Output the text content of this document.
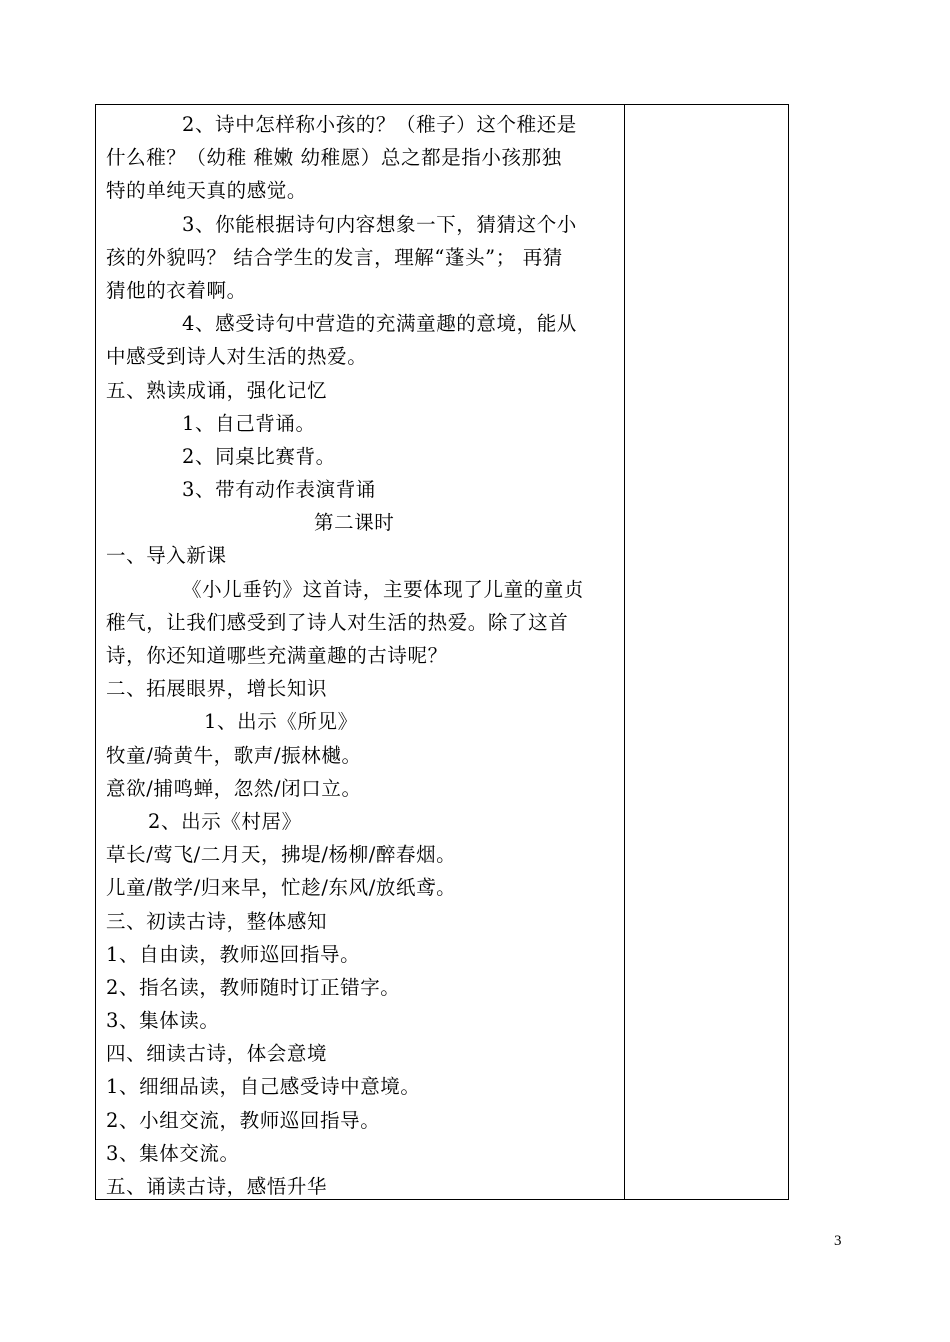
2、诗中怎样称小孩的？（稚子）这个稚还是
什么稚？（幼稚 稚嫩 幼稚愿）总之都是指小孩那独
特的单纯天真的感觉。
3、你能根据诗句内容想象一下，猜猜这个小
孩的外貌吗？ 结合学生的发言，理解“蓬头”； 再猜
猜他的衣着啊。
4、感受诗句中营造的充满童趣的意境，能从
中感受到诗人对生活的热爱。
五、熟读成诵，强化记忆
1、自己背诵。
2、同桌比赛背。
3、带有动作表演背诵
第二课时
一、导入新课
《小儿垂钓》这首诗，主要体现了儿童的童贞
稚气，让我们感受到了诗人对生活的热爱。除了这首
诗，你还知道哪些充满童趣的古诗呢？
二、拓展眼界，增长知识
1、出示《所见》
牧童/骑黄牛，歌声/振林樾。
意欲/捕鸣蝉，忽然/闭口立。
2、出示《村居》
草长/莺飞/二月天，拂堤/杨柳/醉春烟。
儿童/散学/归来早，忙趁/东风/放纸鸢。
三、初读古诗，整体感知
1、自由读，教师巡回指导。
2、指名读，教师随时订正错字。
3、集体读。
四、细读古诗，体会意境
1、细细品读，自己感受诗中意境。
2、小组交流，教师巡回指导。
3、集体交流。
五、诵读古诗，感悟升华
3
